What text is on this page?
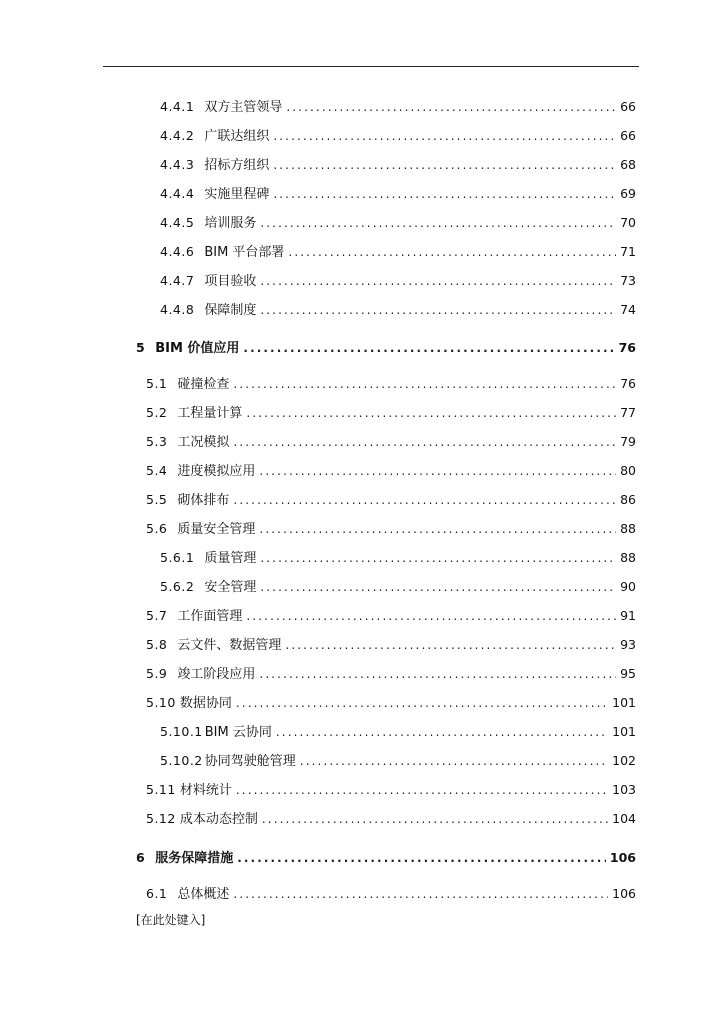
4.4.1 双方主管领导 .....	66
4.4.2 广联达组织 .....	66
4.4.3 招标方组织 .....	68
4.4.4 实施里程碑 .....	69
4.4.5 培训服务 .....	70
4.4.6 BIM 平台部署 .....	71
4.4.7 项目验收 .....	73
4.4.8 保障制度 .....	74
5 BIM 价值应用 .....	76
5.1 碰撞检查 .....	76
5.2 工程量计算 .....	77
5.3 工况模拟 .....	79
5.4 进度模拟应用 .....	80
5.5 砌体排布 .....	86
5.6 质量安全管理 .....	88
5.6.1 质量管理 .....	88
5.6.2 安全管理 .....	90
5.7 工作面管理 .....	91
5.8 云文件、数据管理 .....	93
5.9 竣工阶段应用 .....	95
5.10 数据协同 .....	101
5.10.1 BIM 云协同 .....	101
5.10.2 协同驾驶舱管理 .....	102
5.11 材料统计 .....	103
5.12 成本动态控制 .....	104
6 服务保障措施 .....	106
6.1 总体概述 .....	106
[在此处键入]
